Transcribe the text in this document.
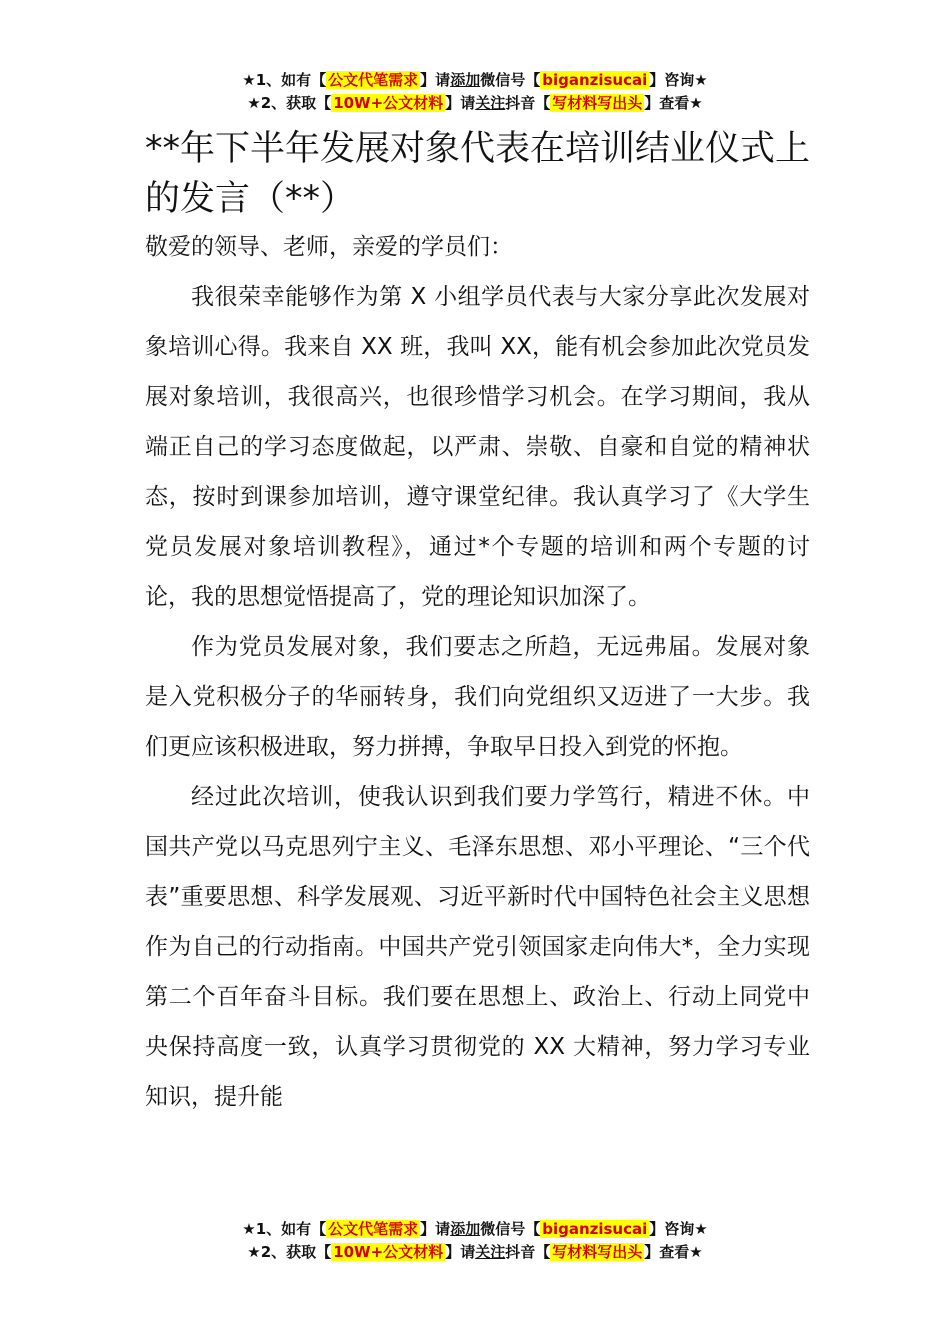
★1、如有【 公文代笔需求 】请添加微信号【 biganzisucai 】咨询★
★2、获取【 10W+公文材料 】请关注抖音【 写材料写出头 】查看★
**年下半年发展对象代表在培训结业仪式上的发言（**）

敬爱的领导、老师，亲爱的学员们：

我很荣幸能够作为第 X 小组学员代表与大家分享此次发展对象培训心得。我来自 XX 班，我叫 XX，能有机会参加此次党员发展对象培训，我很高兴，也很珍惜学习机会。在学习期间，我从端正自己的学习态度做起，以严肃、崇敬、自豪和自觉的精神状态，按时到课参加培训，遵守课堂纪律。我认真学习了《大学生党员发展对象培训教程》，通过*个专题的培训和两个专题的讨论，我的思想觉悟提高了，党的理论知识加深了。

作为党员发展对象，我们要志之所趋，无远弗届。发展对象是入党积极分子的华丽转身，我们向党组织又迈进了一大步。我们更应该积极进取，努力拼搏，争取早日投入到党的怀抱。

经过此次培训，使我认识到我们要力学笃行，精进不休。中国共产党以马克思列宁主义、毛泽东思想、邓小平理论、“三个代表”重要思想、科学发展观、习近平新时代中国特色社会主义思想作为自己的行动指南。中国共产党引领国家走向伟大*，全力实现第二个百年奋斗目标。我们要在思想上、政治上、行动上同党中央保持高度一致，认真学习贯彻党的 XX 大精神，努力学习专业知识，提升能

★1、如有【 公文代笔需求 】请添加微信号【 biganzisucai 】咨询★
★2、获取【 10W+公文材料 】请关注抖音【 写材料写出头 】查看★
